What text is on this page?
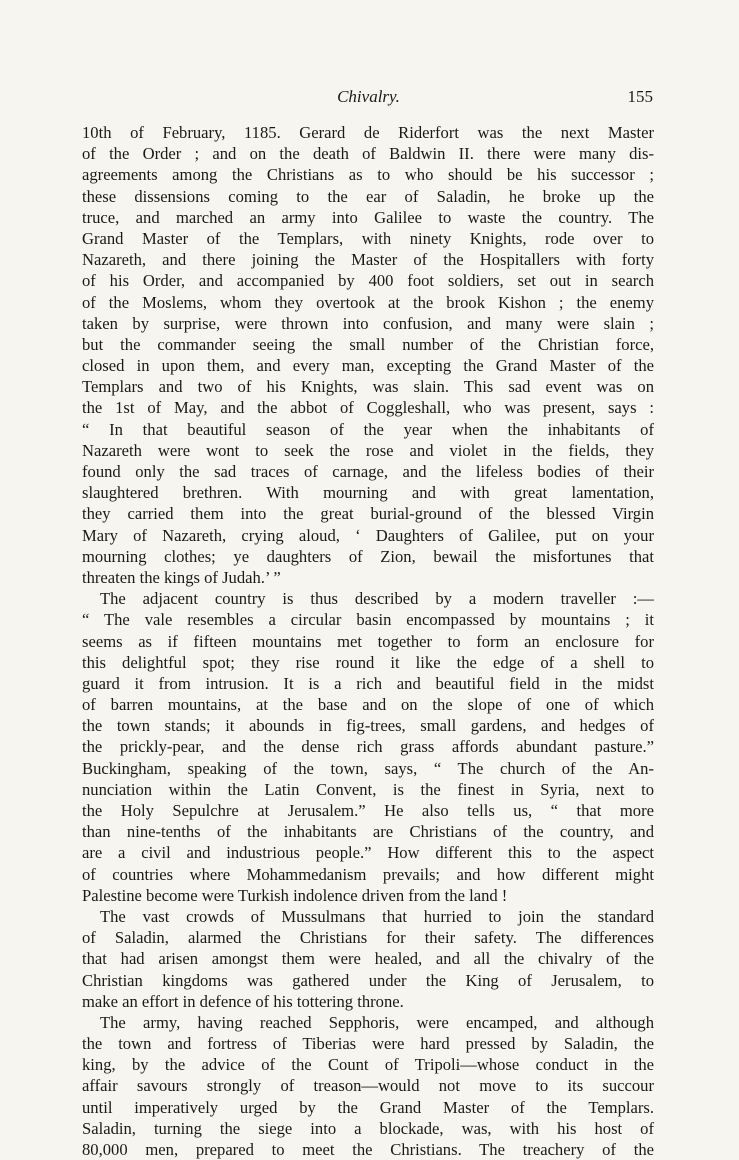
Chivalry.	155
10th of February, 1185. Gerard de Riderfort was the next Master
of the Order ; and on the death of Baldwin II. there were many dis-
agreements among the Christians as to who should be his successor ;
these dissensions coming to the ear of Saladin, he broke up the
truce, and marched an army into Galilee to waste the country. The
Grand Master of the Templars, with ninety Knights, rode over to
Nazareth, and there joining the Master of the Hospitallers with forty
of his Order, and accompanied by 400 foot soldiers, set out in search
of the Moslems, whom they overtook at the brook Kishon ; the enemy
taken by surprise, were thrown into confusion, and many were slain ;
but the commander seeing the small number of the Christian force,
closed in upon them, and every man, excepting the Grand Master of the
Templars and two of his Knights, was slain. This sad event was on
the 1st of May, and the abbot of Coggleshall, who was present, says :
“ In that beautiful season of the year when the inhabitants of
Nazareth were wont to seek the rose and violet in the fields, they
found only the sad traces of carnage, and the lifeless bodies of their
slaughtered brethren. With mourning and with great lamentation,
they carried them into the great burial-ground of the blessed Virgin
Mary of Nazareth, crying aloud, ‘ Daughters of Galilee, put on your
mourning clothes; ye daughters of Zion, bewail the misfortunes that
threaten the kings of Judah.’ ”
The adjacent country is thus described by a modern traveller :—
“ The vale resembles a circular basin encompassed by mountains ; it
seems as if fifteen mountains met together to form an enclosure for
this delightful spot; they rise round it like the edge of a shell to
guard it from intrusion. It is a rich and beautiful field in the midst
of barren mountains, at the base and on the slope of one of which
the town stands; it abounds in fig-trees, small gardens, and hedges of
the prickly-pear, and the dense rich grass affords abundant pasture.”
Buckingham, speaking of the town, says, “ The church of the An-
nunciation within the Latin Convent, is the finest in Syria, next to
the Holy Sepulchre at Jerusalem.” He also tells us, “ that more
than nine-tenths of the inhabitants are Christians of the country, and
are a civil and industrious people.” How different this to the aspect
of countries where Mohammedanism prevails; and how different might
Palestine become were Turkish indolence driven from the land !
The vast crowds of Mussulmans that hurried to join the standard
of Saladin, alarmed the Christians for their safety. The differences
that had arisen amongst them were healed, and all the chivalry of the
Christian kingdoms was gathered under the King of Jerusalem, to
make an effort in defence of his tottering throne.
The army, having reached Sepphoris, were encamped, and although
the town and fortress of Tiberias were hard pressed by Saladin, the
king, by the advice of the Count of Tripoli—whose conduct in the
affair savours strongly of treason—would not move to its succour
until imperatively urged by the Grand Master of the Templars.
Saladin, turning the siege into a blockade, was, with his host of
80,000 men, prepared to meet the Christians. The treachery of the
